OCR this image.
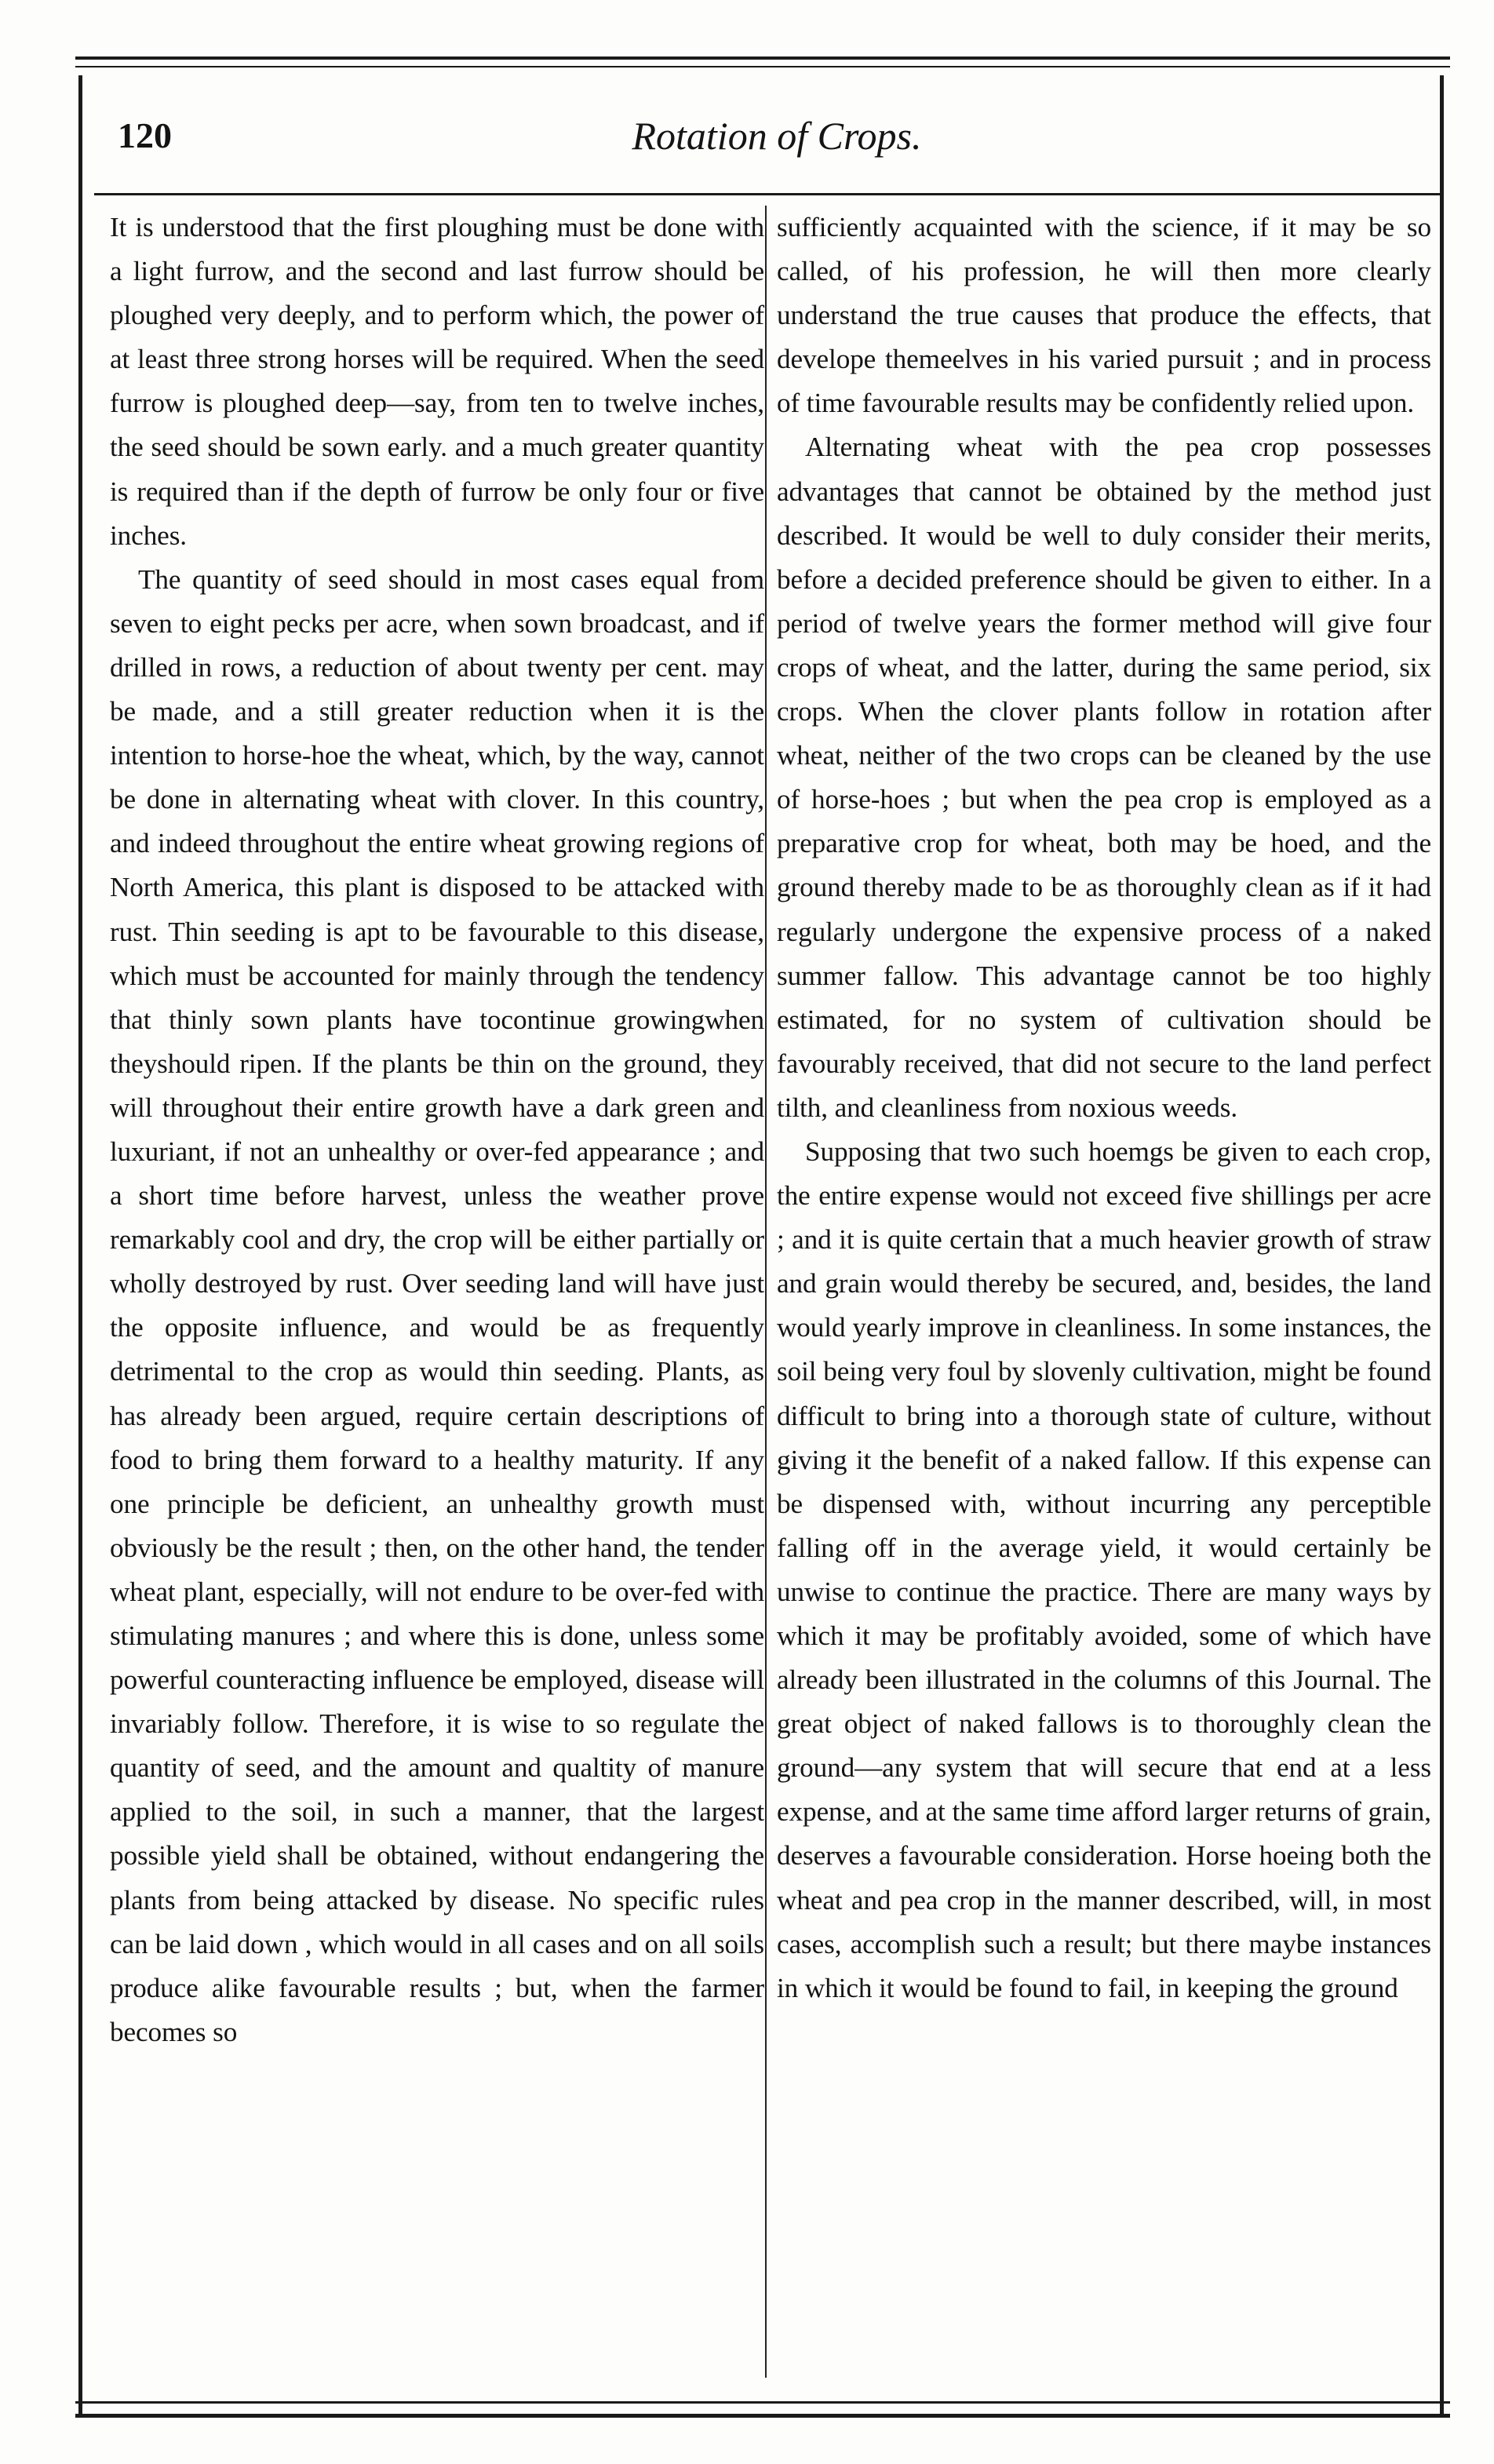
120	Rotation of Crops.

It is understood that the first ploughing must be done with a light furrow, and the second and last furrow should be ploughed very deeply, and to perform which, the power of at least three strong horses will be required. When the seed furrow is ploughed deep—say, from ten to twelve inches, the seed should be sown early. and a much greater quantity is required than if the depth of furrow be only four or five inches.

The quantity of seed should in most cases equal from seven to eight pecks per acre, when sown broadcast, and if drilled in rows, a reduction of about twenty per cent. may be made, and a still greater reduction when it is the intention to horse-hoe the wheat, which, by the way, cannot be done in alternating wheat with clover. In this country, and indeed throughout the entire wheat growing regions of North America, this plant is disposed to be attacked with rust. Thin seeding is apt to be favourable to this disease, which must be accounted for mainly through the tendency that thinly sown plants have tocontinue growingwhen theyshould ripen. If the plants be thin on the ground, they will throughout their entire growth have a dark green and luxuriant, if not an unhealthy or over-fed appearance ; and a short time before harvest, unless the weather prove remarkably cool and dry, the crop will be either partially or wholly destroyed by rust. Over seeding land will have just the opposite influence, and would be as frequently detrimental to the crop as would thin seeding. Plants, as has already been argued, require certain descriptions of food to bring them forward to a healthy maturity. If any one principle be deficient, an unhealthy growth must obviously be the result ; then, on the other hand, the tender wheat plant, especially, will not endure to be over-fed with stimulating manures ; and where this is done, unless some powerful counteracting influence be employed, disease will invariably follow. Therefore, it is wise to so regulate the quantity of seed, and the amount and qualtity of manure applied to the soil, in such a manner, that the largest possible yield shall be obtained, without endangering the plants from being attacked by disease. No specific rules can be laid down , which would in all cases and on all soils produce alike favourable results ; but, when the farmer becomes so

sufficiently acquainted with the science, if it may be so called, of his profession, he will then more clearly understand the true causes that produce the effects, that develope themeelves in his varied pursuit ; and in process of time favourable results may be confidently relied upon.

Alternating wheat with the pea crop possesses advantages that cannot be obtained by the method just described. It would be well to duly consider their merits, before a decided preference should be given to either. In a period of twelve years the former method will give four crops of wheat, and the latter, during the same period, six crops. When the clover plants follow in rotation after wheat, neither of the two crops can be cleaned by the use of horse-hoes ; but when the pea crop is employed as a preparative crop for wheat, both may be hoed, and the ground thereby made to be as thoroughly clean as if it had regularly undergone the expensive process of a naked summer fallow. This advantage cannot be too highly estimated, for no system of cultivation should be favourably received, that did not secure to the land perfect tilth, and cleanliness from noxious weeds.

Supposing that two such hoemgs be given to each crop, the entire expense would not exceed five shillings per acre ; and it is quite certain that a much heavier growth of straw and grain would thereby be secured, and, besides, the land would yearly improve in cleanliness. In some instances, the soil being very foul by slovenly cultivation, might be found difficult to bring into a thorough state of culture, without giving it the benefit of a naked fallow. If this expense can be dispensed with, without incurring any perceptible falling off in the average yield, it would certainly be unwise to continue the practice. There are many ways by which it may be profitably avoided, some of which have already been illustrated in the columns of this Journal. The great object of naked fallows is to thoroughly clean the ground—any system that will secure that end at a less expense, and at the same time afford larger returns of grain, deserves a favourable consideration. Horse hoeing both the wheat and pea crop in the manner described, will, in most cases, accomplish such a result; but there maybe instances in which it would be found to fail, in keeping the ground
